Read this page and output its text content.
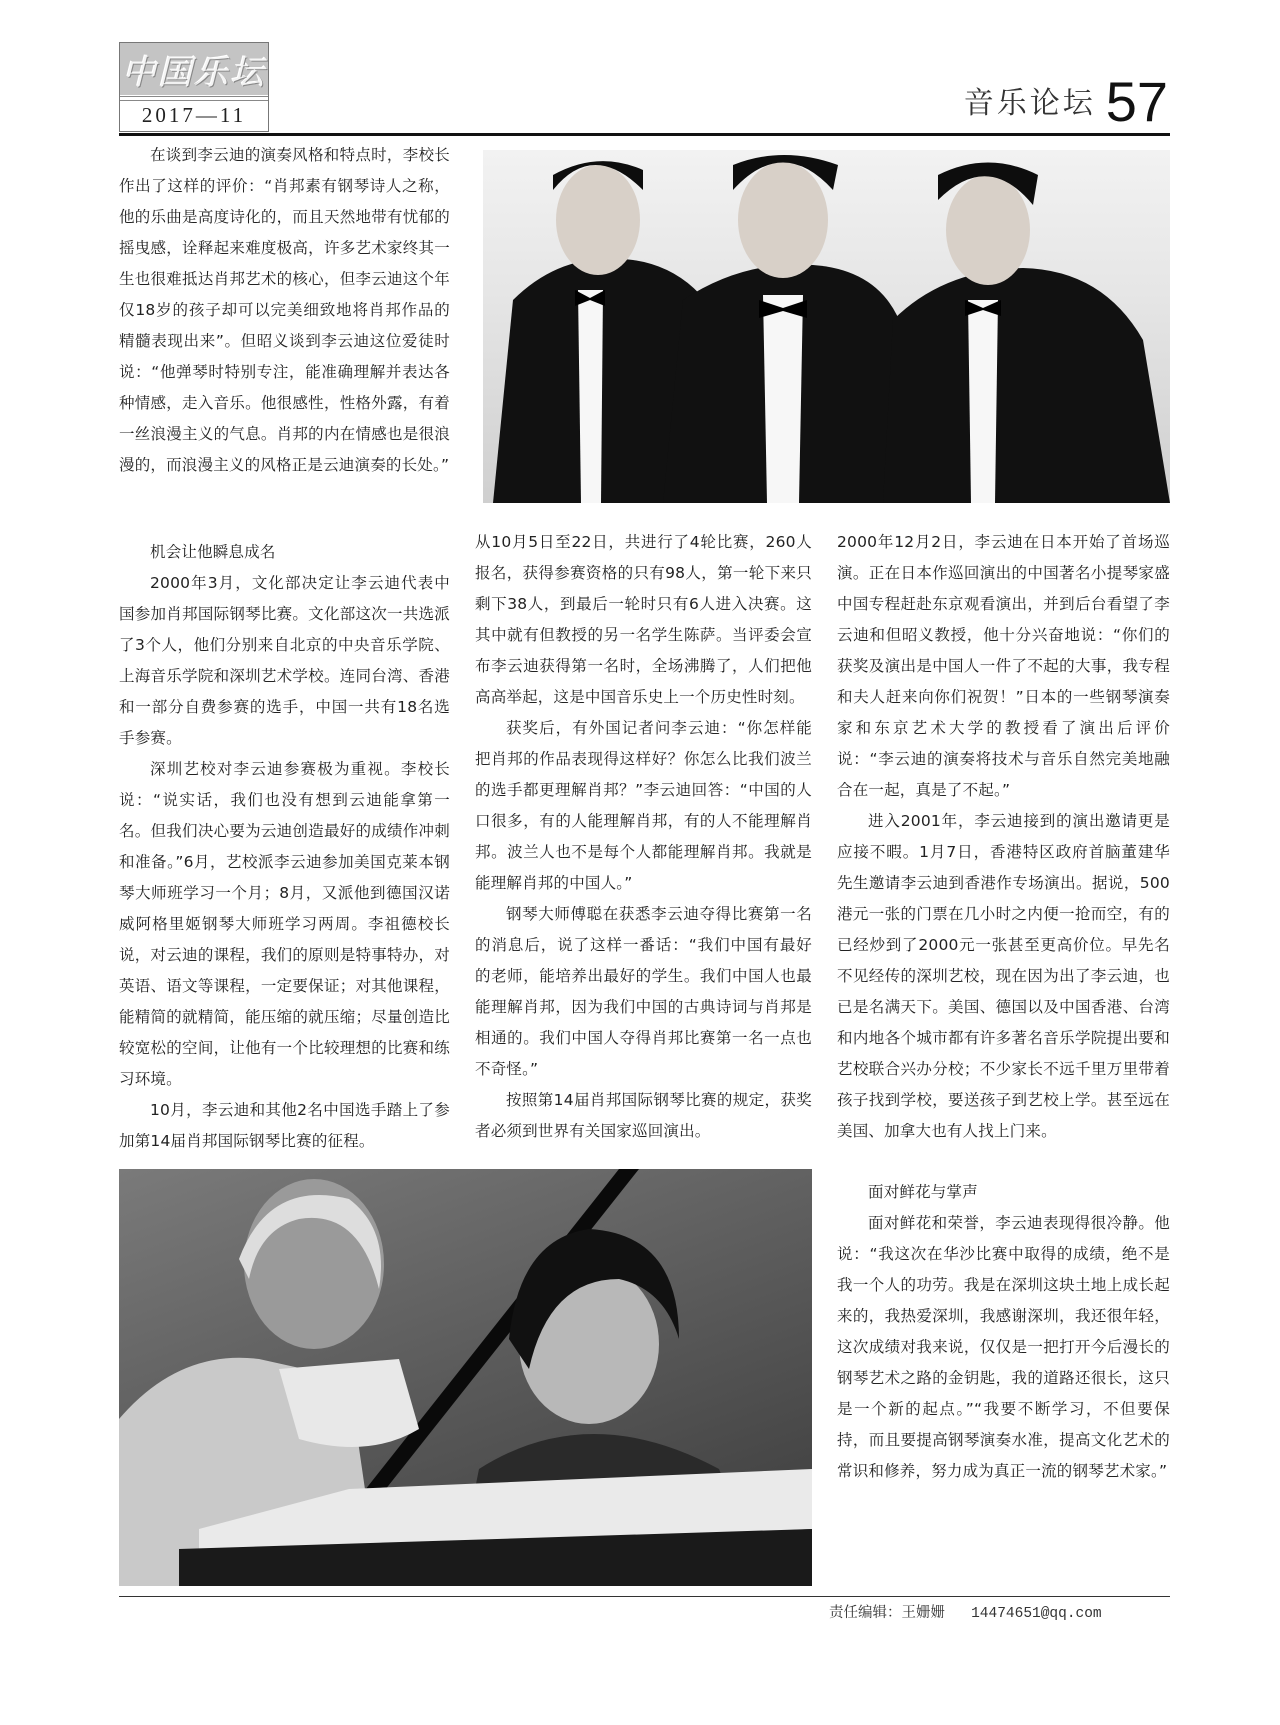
中国乐坛
2017—11	音乐论坛 57

在谈到李云迪的演奏风格和特点时，李校长作出了这样的评价：“肖邦素有钢琴诗人之称，他的乐曲是高度诗化的，而且天然地带有忧郁的摇曳感，诠释起来难度极高，许多艺术家终其一生也很难抵达肖邦艺术的核心，但李云迪这个年仅18岁的孩子却可以完美细致地将肖邦作品的精髓表现出来”。但昭义谈到李云迪这位爱徒时说：“他弹琴时特别专注，能准确理解并表达各种情感，走入音乐。他很感性，性格外露，有着一丝浪漫主义的气息。肖邦的内在情感也是很浪漫的，而浪漫主义的风格正是云迪演奏的长处。”

机会让他瞬息成名

2000年3月，文化部决定让李云迪代表中国参加肖邦国际钢琴比赛。文化部这次一共选派了3个人，他们分别来自北京的中央音乐学院、上海音乐学院和深圳艺术学校。连同台湾、香港和一部分自费参赛的选手，中国一共有18名选手参赛。

深圳艺校对李云迪参赛极为重视。李校长说：“说实话，我们也没有想到云迪能拿第一名。但我们决心要为云迪创造最好的成绩作冲刺和准备。”6月，艺校派李云迪参加美国克莱本钢琴大师班学习一个月；8月，又派他到德国汉诺威阿格里姬钢琴大师班学习两周。李祖德校长说，对云迪的课程，我们的原则是特事特办，对英语、语文等课程，一定要保证；对其他课程，能精简的就精简，能压缩的就压缩；尽量创造比较宽松的空间，让他有一个比较理想的比赛和练习环境。

10月，李云迪和其他2名中国选手踏上了参加第14届肖邦国际钢琴比赛的征程。

从10月5日至22日，共进行了4轮比赛，260人报名，获得参赛资格的只有98人，第一轮下来只剩下38人，到最后一轮时只有6人进入决赛。这其中就有但教授的另一名学生陈萨。当评委会宣布李云迪获得第一名时，全场沸腾了，人们把他高高举起，这是中国音乐史上一个历史性时刻。

获奖后，有外国记者问李云迪：“你怎样能把肖邦的作品表现得这样好？你怎么比我们波兰的选手都更理解肖邦？”李云迪回答：“中国的人口很多，有的人能理解肖邦，有的人不能理解肖邦。波兰人也不是每个人都能理解肖邦。我就是能理解肖邦的中国人。”

钢琴大师傅聪在获悉李云迪夺得比赛第一名的消息后，说了这样一番话：“我们中国有最好的老师，能培养出最好的学生。我们中国人也最能理解肖邦，因为我们中国的古典诗词与肖邦是相通的。我们中国人夺得肖邦比赛第一名一点也不奇怪。”

按照第14届肖邦国际钢琴比赛的规定，获奖者必须到世界有关国家巡回演出。

2000年12月2日，李云迪在日本开始了首场巡演。正在日本作巡回演出的中国著名小提琴家盛中国专程赶赴东京观看演出，并到后台看望了李云迪和但昭义教授，他十分兴奋地说：“你们的获奖及演出是中国人一件了不起的大事，我专程和夫人赶来向你们祝贺！”日本的一些钢琴演奏家和东京艺术大学的教授看了演出后评价说：“李云迪的演奏将技术与音乐自然完美地融合在一起，真是了不起。”

进入2001年，李云迪接到的演出邀请更是应接不暇。1月7日，香港特区政府首脑董建华先生邀请李云迪到香港作专场演出。据说，500港元一张的门票在几小时之内便一抢而空，有的已经炒到了2000元一张甚至更高价位。早先名不见经传的深圳艺校，现在因为出了李云迪，也已是名满天下。美国、德国以及中国香港、台湾和内地各个城市都有许多著名音乐学院提出要和艺校联合兴办分校；不少家长不远千里万里带着孩子找到学校，要送孩子到艺校上学。甚至远在美国、加拿大也有人找上门来。

面对鲜花与掌声

面对鲜花和荣誉，李云迪表现得很冷静。他说：“我这次在华沙比赛中取得的成绩，绝不是我一个人的功劳。我是在深圳这块土地上成长起来的，我热爱深圳，我感谢深圳，我还很年轻，这次成绩对我来说，仅仅是一把打开今后漫长的钢琴艺术之路的金钥匙，我的道路还很长，这只是一个新的起点。”“我要不断学习，不但要保持，而且要提高钢琴演奏水准，提高文化艺术的常识和修养，努力成为真正一流的钢琴艺术家。”

责任编辑：王姗姗 14474651@qq.com
